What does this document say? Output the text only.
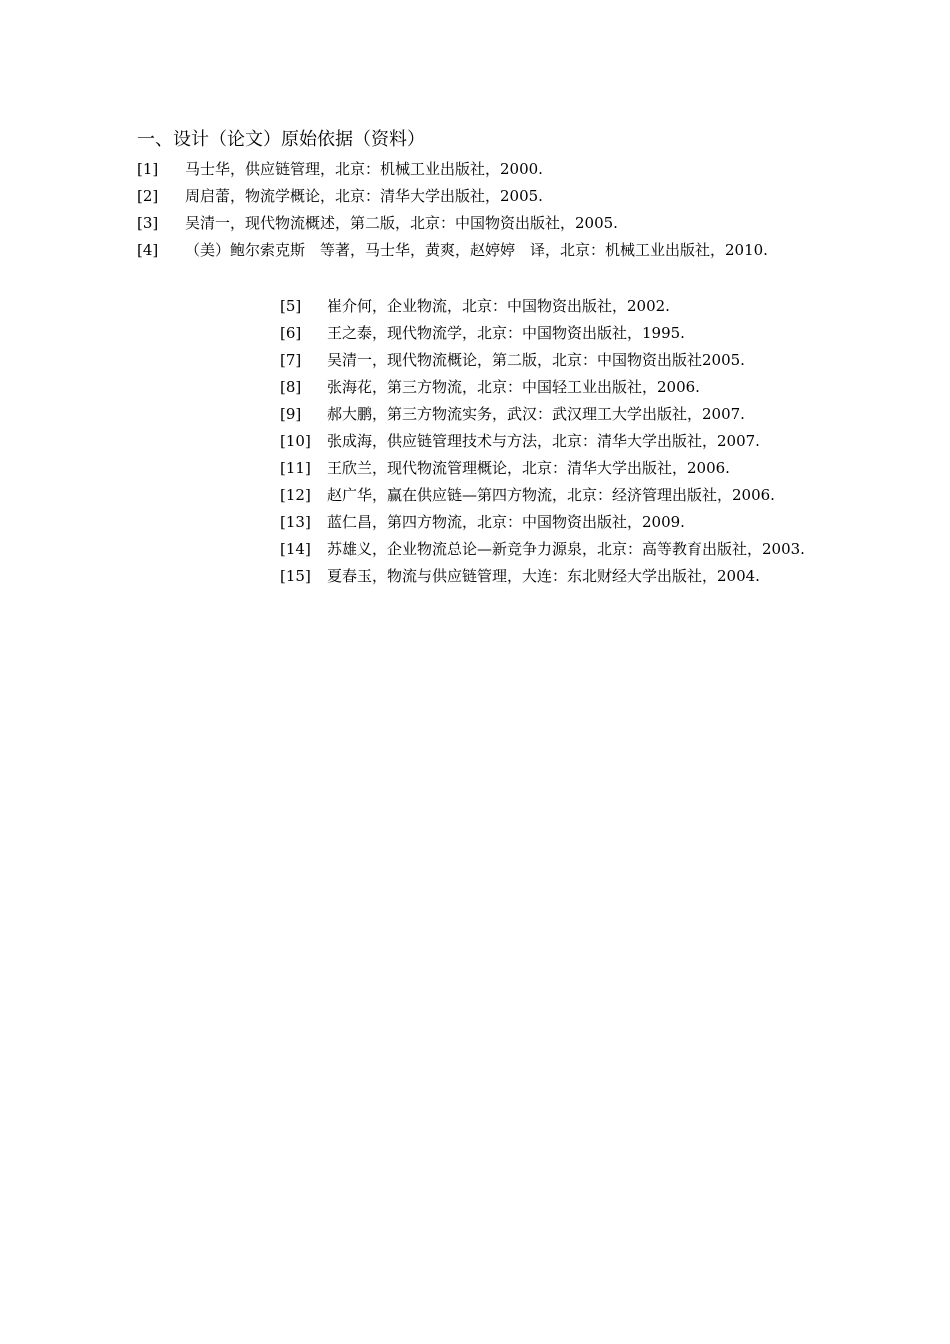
一、设计（论文）原始依据（资料）
[1]	马士华，供应链管理，北京：机械工业出版社，2000.
[2]	周启蕾，物流学概论，北京：清华大学出版社，2005.
[3]	吴清一，现代物流概述，第二版，北京：中国物资出版社，2005.
[4] （美）鲍尔索克斯　等著，马士华，黄爽，赵婷婷　译，北京：机械工业出版社，2010.
[5] 崔介何，企业物流，北京：中国物资出版社，2002.
[6] 王之泰，现代物流学，北京：中国物资出版社，1995.
[7] 吴清一，现代物流概论，第二版，北京：中国物资出版社2005.
[8] 张海花，第三方物流，北京：中国轻工业出版社，2006.
[9] 郝大鹏，第三方物流实务，武汉：武汉理工大学出版社，2007.
[10] 张成海，供应链管理技术与方法，北京：清华大学出版社，2007.
[11] 王欣兰，现代物流管理概论，北京：清华大学出版社，2006.
[12] 赵广华，赢在供应链—第四方物流，北京：经济管理出版社，2006.
[13] 蓝仁昌，第四方物流，北京：中国物资出版社，2009.
[14] 苏雄义，企业物流总论—新竞争力源泉，北京：高等教育出版社，2003.
[15] 夏春玉，物流与供应链管理，大连：东北财经大学出版社，2004.
